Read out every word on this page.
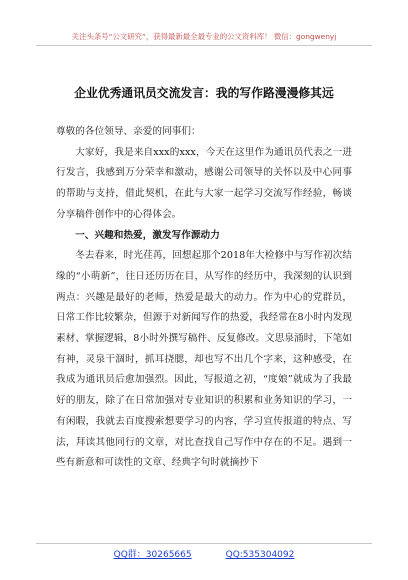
关注头条号“公文研究”，获得最新最全最专业的公文资料库！ 微信：gongwenyj
企业优秀通讯员交流发言：我的写作路漫漫修其远

尊敬的各位领导、亲爱的同事们：

大家好，我是来自xxx的xxx，今天在这里作为通讯员代表之一进行发言，我感到万分荣幸和激动，感谢公司领导的关怀以及中心同事的帮助与支持，借此契机，在此与大家一起学习交流写作经验，畅谈分享稿件创作中的心得体会。

一、兴趣和热爱，激发写作源动力

冬去春来，时光荏苒，回想起那个2018年大检修中与写作初次结缘的“小萌新”，往日还历历在目，从写作的经历中，我深刻的认识到两点：兴趣是最好的老师，热爱是最大的动力。作为中心的党群员，日常工作比较繁杂，但源于对新闻写作的热爱，我经常在8小时内发现素材、掌握逻辑，8小时外撰写稿件、反复修改。文思泉涌时，下笔如有神，灵泉干涸时，抓耳挠腮，却也写不出几个字来，这种感受，在我成为通讯员后愈加强烈。因此，写报道之初，“度娘”就成为了我最好的朋友，除了在日常加强对专业知识的积累和业务知识的学习，一有闲暇，我就去百度搜索想要学习的内容，学习宣传报道的特点、写法，拜读其他同行的文章，对比查找自己写作中存在的不足。遇到一些有新意和可读性的文章、经典字句时就摘抄下

QQ群：30265665	QQ:535304092
